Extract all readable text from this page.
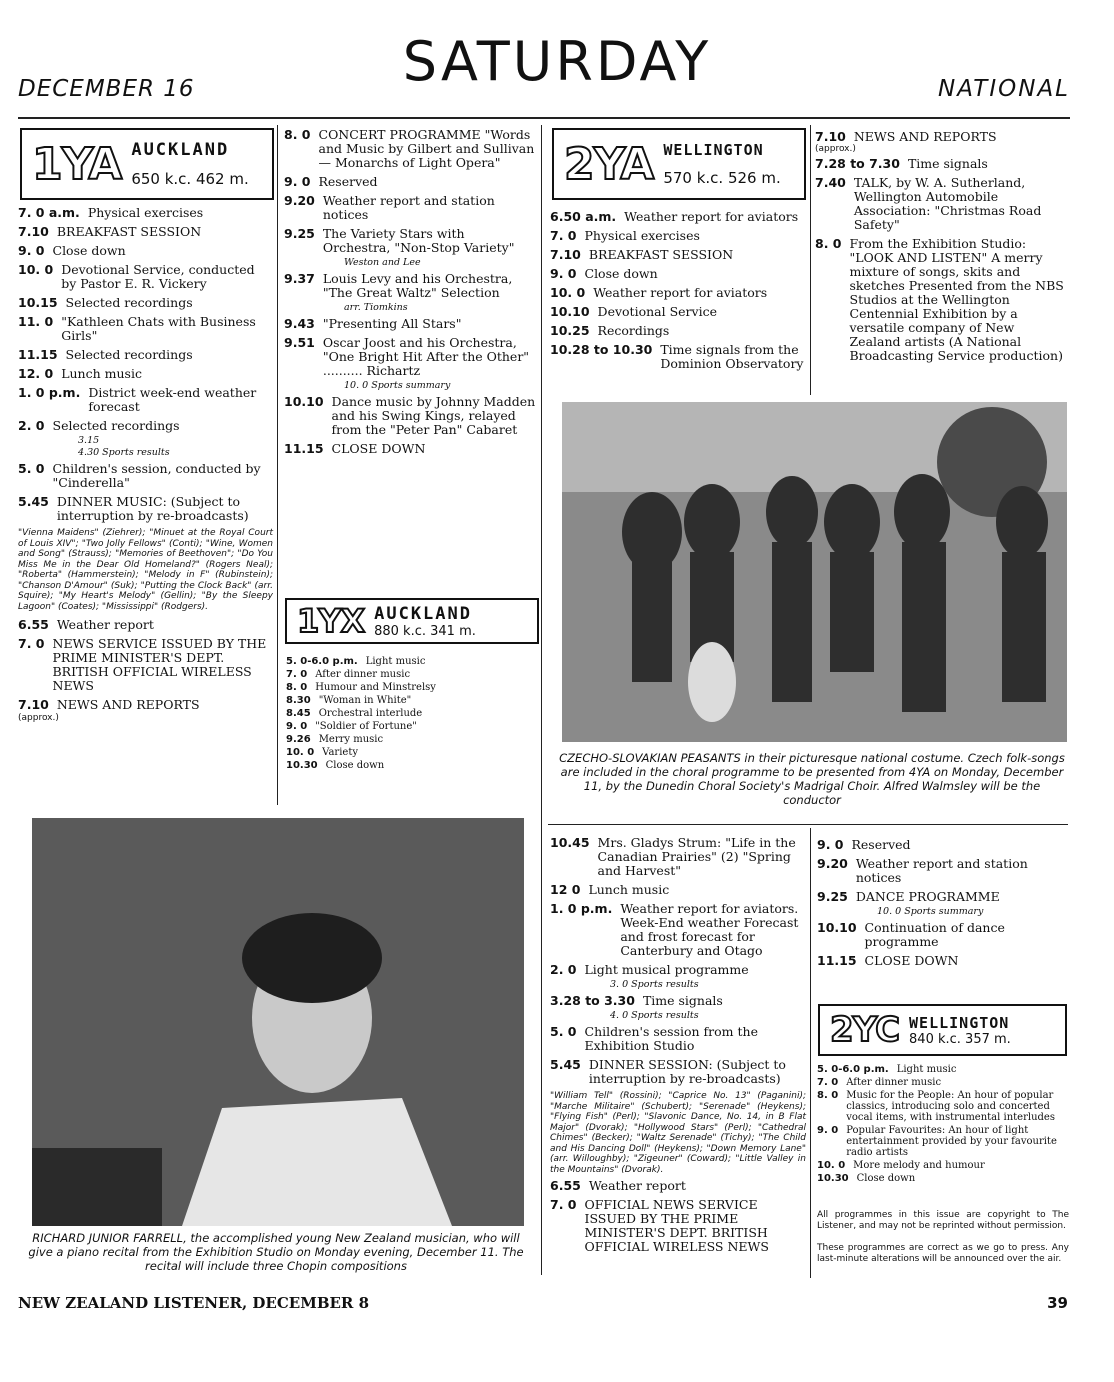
DECEMBER 16	SATURDAY	NATIONAL
1YA AUCKLAND
650 k.c. 462 m.
7. 0 a.m. Physical exercises
7.10 BREAKFAST SESSION
9. 0 Close down
10. 0 Devotional Service, conducted by Pastor E. R. Vickery
10.15 Selected recordings
11. 0 "Kathleen Chats with Business Girls"
11.15 Selected recordings
12. 0 Lunch music
1. 0 p.m. District week-end weather forecast
2. 0 Selected recordings
3.15
4.30 Sports results
5. 0 Children's session, conducted by "Cinderella"
5.45 DINNER MUSIC: (Subject to interruption by re-broadcasts)
"Vienna Maidens" (Ziehrer); "Minuet at the Royal Court of Louis XIV"; "Two Jolly Fellows" (Conti); "Wine, Women and Song" (Strauss); "Memories of Beethoven"; "Do You Miss Me in the Dear Old Homeland?" (Rogers Neal); "Roberta" (Hammerstein); "Melody in F" (Rubinstein); "Chanson D'Amour" (Suk); "Putting the Clock Back" (arr. Squire); "My Heart's Melody" (Gellin); "By the Sleepy Lagoon" (Coates); "Mississippi" (Rodgers).
6.55 Weather report
7. 0 NEWS SERVICE ISSUED BY THE PRIME MINISTER'S DEPT. BRITISH OFFICIAL WIRELESS NEWS
7.10 NEWS AND REPORTS
(approx.)
8. 0 CONCERT PROGRAMME "Words and Music by Gilbert and Sullivan — Monarchs of Light Opera"
9. 0 Reserved
9.20 Weather report and station notices
9.25 The Variety Stars with Orchestra, "Non-Stop Variety"
Weston and Lee
9.37 Louis Levy and his Orchestra, "The Great Waltz" Selection
arr. Tiomkins
9.43 "Presenting All Stars"
9.51 Oscar Joost and his Orchestra, "One Bright Hit After the Other" .......... Richartz
10. 0 Sports summary
10.10 Dance music by Johnny Madden and his Swing Kings, relayed from the "Peter Pan" Cabaret
11.15 CLOSE DOWN
1YX AUCKLAND
880 k.c. 341 m.
5. 0-6.0 p.m. Light music
7. 0 After dinner music
8. 0 Humour and Minstrelsy
8.30 "Woman in White"
8.45 Orchestral interlude
9. 0 "Soldier of Fortune"
9.26 Merry music
10. 0 Variety
10.30 Close down
2YA WELLINGTON
570 k.c. 526 m.
6.50 a.m. Weather report for aviators
7. 0 Physical exercises
7.10 BREAKFAST SESSION
9. 0 Close down
10. 0 Weather report for aviators
10.10 Devotional Service
10.25 Recordings
10.28 to 10.30 Time signals from the Dominion Observatory
7.10 NEWS AND REPORTS
(approx.)
7.28 to 7.30 Time signals
7.40 TALK, by W. A. Sutherland, Wellington Automobile Association: "Christmas Road Safety"
8. 0 From the Exhibition Studio: "LOOK AND LISTEN" A merry mixture of songs, skits and sketches Presented from the NBS Studios at the Wellington Centennial Exhibition by a versatile company of New Zealand artists (A National Broadcasting Service production)
CZECHO-SLOVAKIAN PEASANTS in their picturesque national costume. Czech folk-songs are included in the choral programme to be presented from 4YA on Monday, December 11, by the Dunedin Choral Society's Madrigal Choir. Alfred Walmsley will be the conductor
RICHARD JUNIOR FARRELL, the accomplished young New Zealand musician, who will give a piano recital from the Exhibition Studio on Monday evening, December 11. The recital will include three Chopin compositions
10.45 Mrs. Gladys Strum: "Life in the Canadian Prairies" (2) "Spring and Harvest"
12 0 Lunch music
1. 0 p.m. Weather report for aviators. Week-End weather Forecast and frost forecast for Canterbury and Otago
2. 0 Light musical programme
3. 0 Sports results
3.28 to 3.30 Time signals
4. 0 Sports results
5. 0 Children's session from the Exhibition Studio
5.45 DINNER SESSION: (Subject to interruption by re-broadcasts)
"William Tell" (Rossini); "Caprice No. 13" (Paganini); "Marche Militaire" (Schubert); "Serenade" (Heykens); "Flying Fish" (Perl); "Slavonic Dance, No. 14, in B Flat Major" (Dvorak); "Hollywood Stars" (Perl); "Cathedral Chimes" (Becker); "Waltz Serenade" (Tichy); "The Child and His Dancing Doll" (Heykens); "Down Memory Lane" (arr. Willoughby); "Zigeuner" (Coward); "Little Valley in the Mountains" (Dvorak).
6.55 Weather report
7. 0 OFFICIAL NEWS SERVICE ISSUED BY THE PRIME MINISTER'S DEPT. BRITISH OFFICIAL WIRELESS NEWS
9. 0 Reserved
9.20 Weather report and station notices
9.25 DANCE PROGRAMME
10. 0 Sports summary
10.10 Continuation of dance programme
11.15 CLOSE DOWN
2YC WELLINGTON
840 k.c. 357 m.
5. 0-6.0 p.m. Light music
7. 0 After dinner music
8. 0 Music for the People: An hour of popular classics, introducing solo and concerted vocal items, with instrumental interludes
9. 0 Popular Favourites: An hour of light entertainment provided by your favourite radio artists
10. 0 More melody and humour
10.30 Close down
All programmes in this issue are copyright to The Listener, and may not be reprinted without permission.
These programmes are correct as we go to press. Any last-minute alterations will be announced over the air.
NEW ZEALAND LISTENER, DECEMBER 8	39
